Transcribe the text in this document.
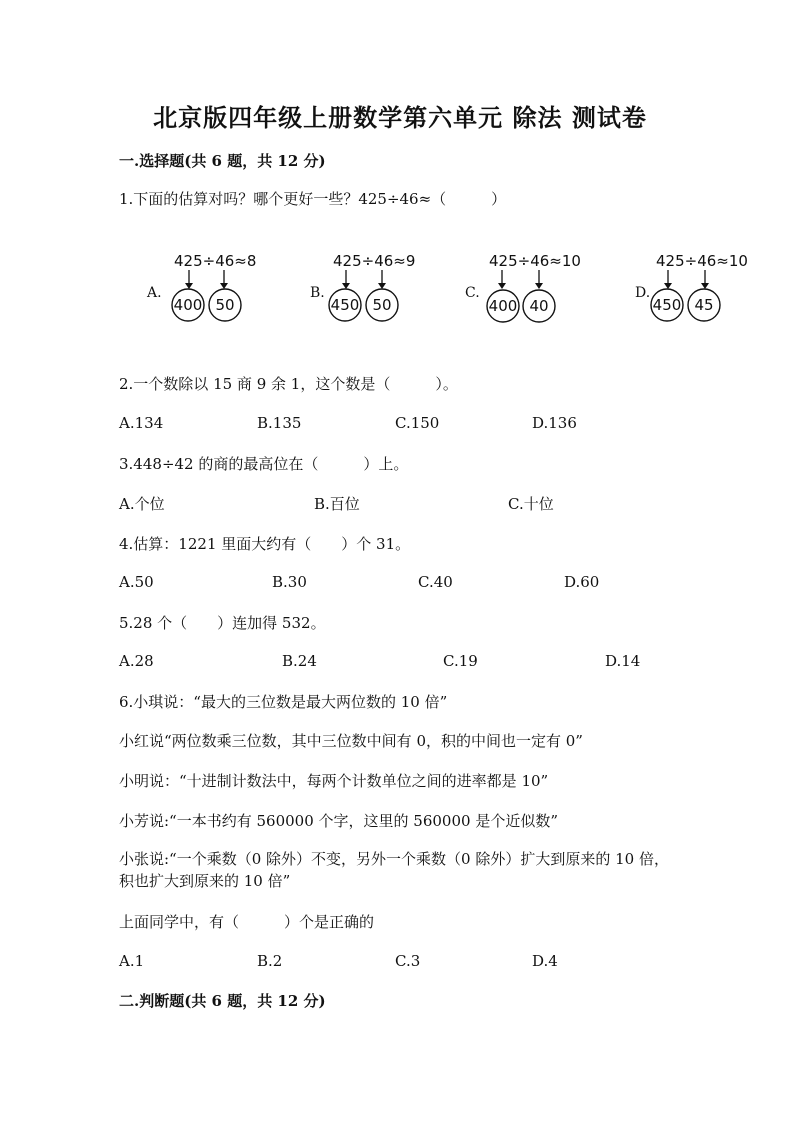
北京版四年级上册数学第六单元 除法 测试卷
一.选择题(共 6 题，共 12 分)
1.下面的估算对吗？哪个更好一些？425÷46≈（　　　）
A.
425÷46≈8
400 50
B.
425÷46≈9
450 50
C.
425÷46≈10
400 40
D.
425÷46≈10
450 45
2.一个数除以 15 商 9 余 1，这个数是（　　　）。
A.134	B.135	C.150	D.136
3.448÷42 的商的最高位在（　　　）上。
A.个位	B.百位	C.十位
4.估算：1221 里面大约有（　　）个 31。
A.50	B.30	C.40	D.60
5.28 个（　　）连加得 532。
A.28	B.24	C.19	D.14
6.小琪说：“最大的三位数是最大两位数的 10 倍”
小红说“两位数乘三位数，其中三位数中间有 0，积的中间也一定有 0”
小明说：“十进制计数法中，每两个计数单位之间的进率都是 10”
小芳说:“一本书约有 560000 个字，这里的 560000 是个近似数”
小张说:“一个乘数（0 除外）不变，另外一个乘数（0 除外）扩大到原来的 10 倍，积也扩大到原来的 10 倍”
上面同学中，有（　　　）个是正确的
A.1	B.2	C.3	D.4
二.判断题(共 6 题，共 12 分)
